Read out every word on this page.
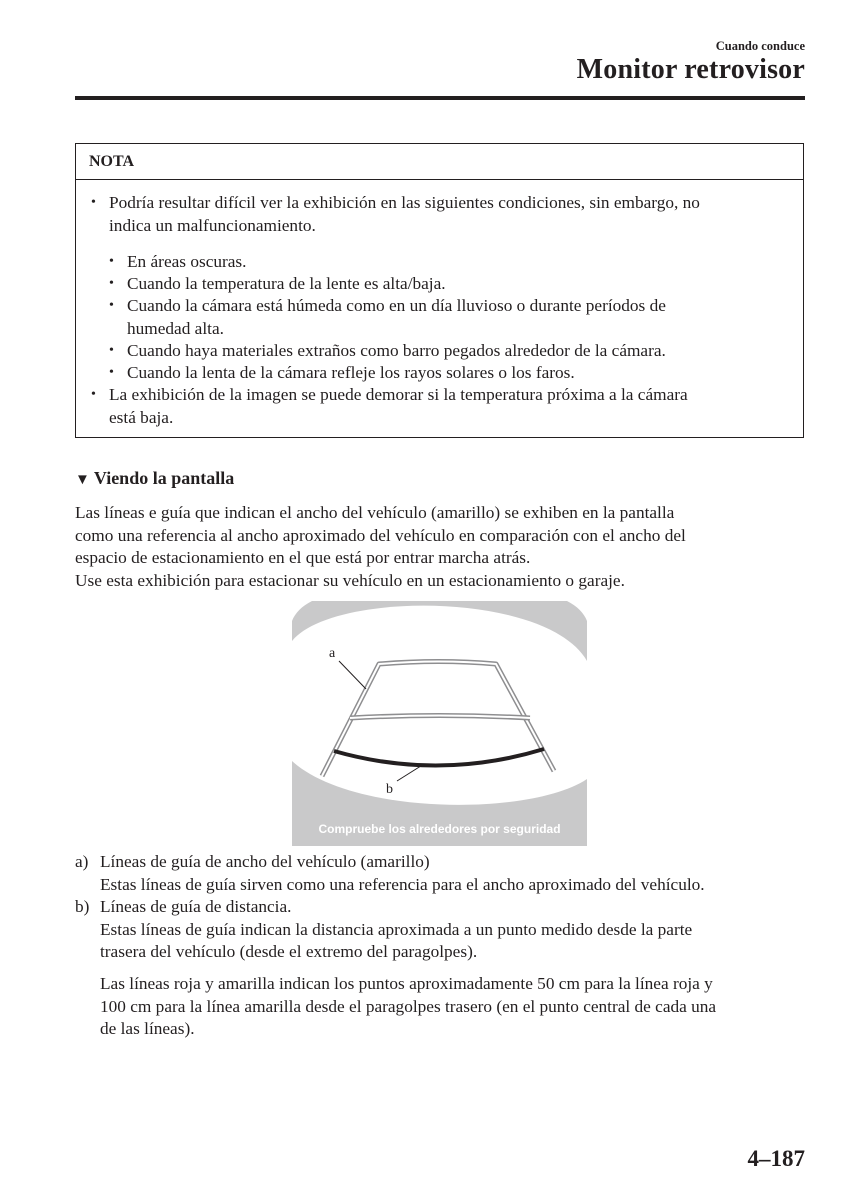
Cuando conduce
Monitor retrovisor
NOTA
• Podría resultar difícil ver la exhibición en las siguientes condiciones, sin embargo, no
indica un malfuncionamiento.
• En áreas oscuras.
• Cuando la temperatura de la lente es alta/baja.
• Cuando la cámara está húmeda como en un día lluvioso o durante períodos de
humedad alta.
• Cuando haya materiales extraños como barro pegados alrededor de la cámara.
• Cuando la lenta de la cámara refleje los rayos solares o los faros.
• La exhibición de la imagen se puede demorar si la temperatura próxima a la cámara
está baja.
▼ Viendo la pantalla
Las líneas e guía que indican el ancho del vehículo (amarillo) se exhiben en la pantalla
como una referencia al ancho aproximado del vehículo en comparación con el ancho del
espacio de estacionamiento en el que está por entrar marcha atrás.
Use esta exhibición para estacionar su vehículo en un estacionamiento o garaje.
a
b
Compruebe los alrededores por seguridad
a) Líneas de guía de ancho del vehículo (amarillo)
Estas líneas de guía sirven como una referencia para el ancho aproximado del vehículo.
b) Líneas de guía de distancia.
Estas líneas de guía indican la distancia aproximada a un punto medido desde la parte
trasera del vehículo (desde el extremo del paragolpes).
Las líneas roja y amarilla indican los puntos aproximadamente 50 cm para la línea roja y
100 cm para la línea amarilla desde el paragolpes trasero (en el punto central de cada una
de las líneas).
4–187
